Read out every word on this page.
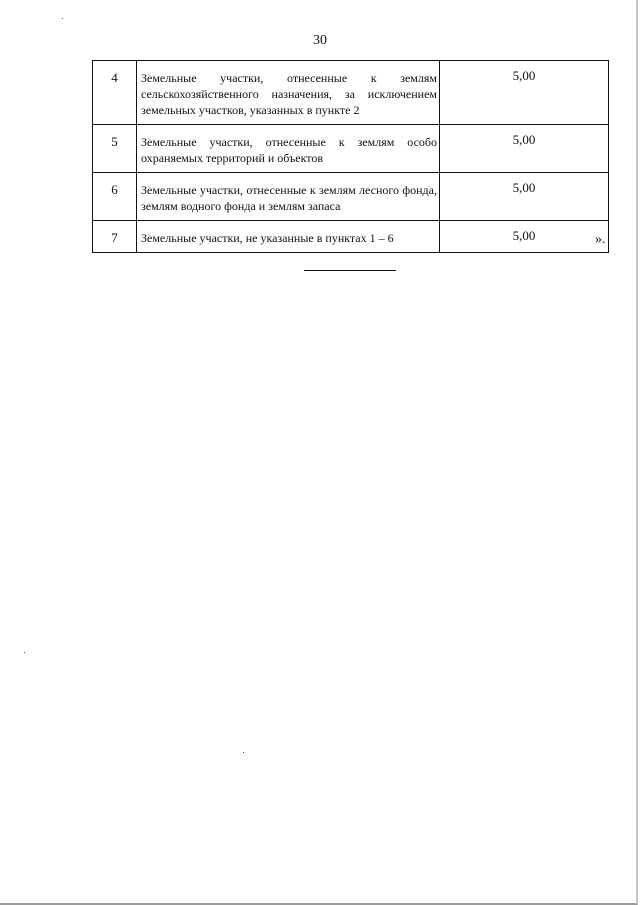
30
4	Земельные участки, отнесенные к землям сельскохозяйственного назначения, за исключением земельных участков, указанных в пункте 2	5,00
5	Земельные участки, отнесенные к землям особо охраняемых территорий и объектов	5,00
6	Земельные участки, отнесенные к землям лесного фонда, землям водного фонда и землям запаса	5,00
7	Земельные участки, не указанные в пунктах 1 – 6	5,00	».
